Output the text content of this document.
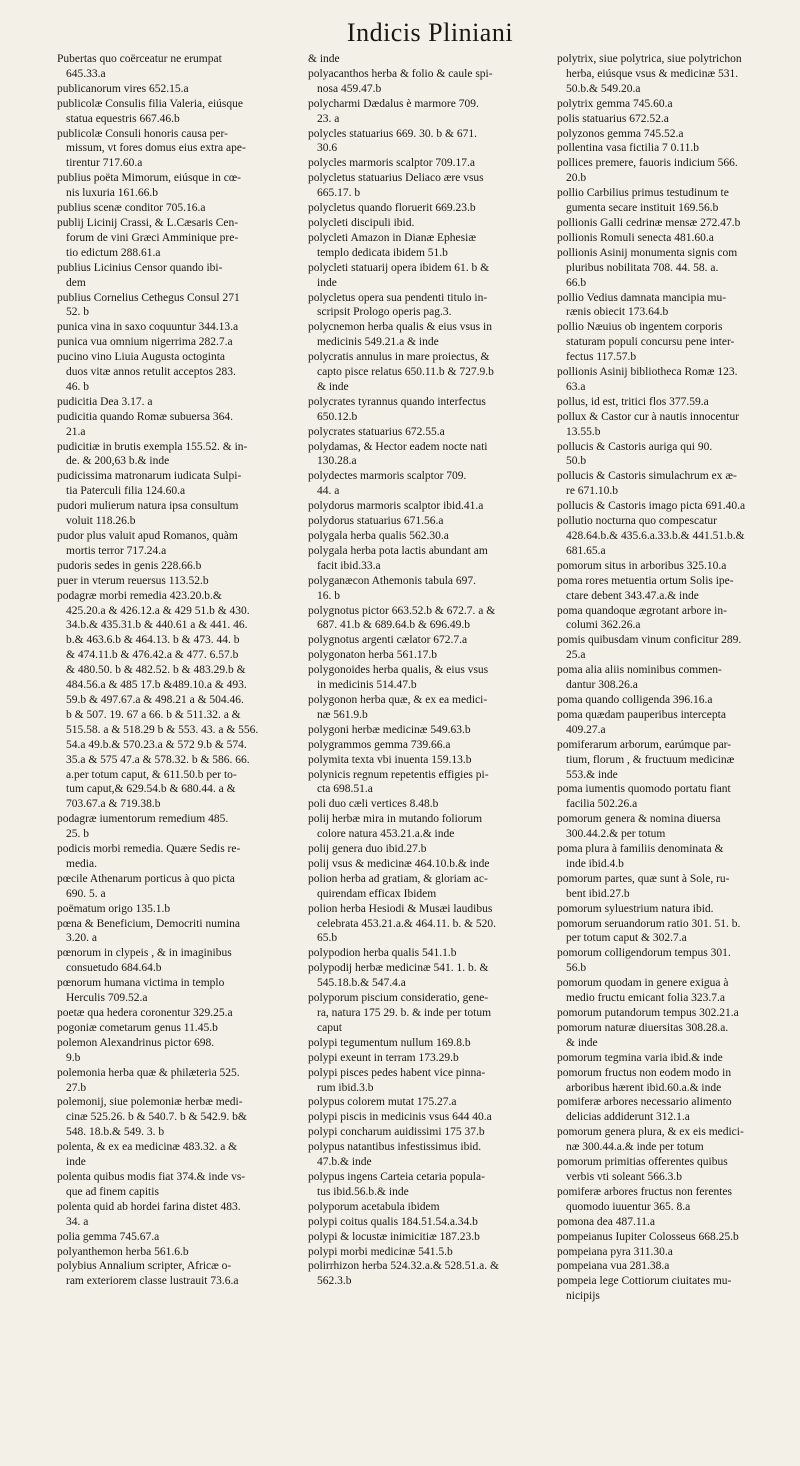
Indicis Pliniani
Pubertas quo coërceatur ne erumpat
645.33.a
publicanorum vires 652.15.a
publicolæ Consulis filia Valeria, eiúsque
statua equestris 667.46.b
publicolæ Consuli honoris causa per-
missum, vt fores domus eius extra ape-
tirentur 717.60.a
publius poëta Mimorum, eiúsque in cœ-
nis luxuria 161.66.b
publius scenæ conditor 705.16.a
publij Licinij Crassi, & L.Cæsaris Cen-
forum de vini Græci Amminique pre-
tio edictum 288.61.a
publius Licinius Censor quando ibi-
dem
publius Cornelius Cethegus Consul 271
52. b
punica vina in saxo coquuntur 344.13.a
punica vua omnium nigerrima 282.7.a
pucino vino Liuia Augusta octoginta
duos vitæ annos retulit acceptos 283.
46. b
pudicitia Dea 3.17. a
pudicitia quando Romæ subuersa 364.
21.a
pudicitiæ in brutis exempla 155.52. & in-
de. & 200,63 b.& inde
pudicissima matronarum iudicata Sulpi-
tia Paterculi filia 124.60.a
pudori mulierum natura ipsa consultum
voluit 118.26.b
pudor plus valuit apud Romanos, quàm
mortis terror 717.24.a
pudoris sedes in genis 228.66.b
puer in vterum reuersus 113.52.b
podagræ morbi remedia 423.20.b.&
425.20.a & 426.12.a & 429 51.b & 430.
34.b.& 435.31.b & 440.61 a & 441. 46.
b.& 463.6.b & 464.13. b & 473. 44. b
& 474.11.b & 476.42.a & 477. 6.57.b
& 480.50. b & 482.52. b & 483.29.b &
484.56.a & 485 17.b &489.10.a & 493.
59.b & 497.67.a & 498.21 a & 504.46.
b & 507. 19. 67 a 66. b & 511.32. a &
515.58. a & 518.29 b & 553. 43. a & 556.
54.a 49.b.& 570.23.a & 572 9.b & 574.
35.a & 575 47.a & 578.32. b & 586. 66.
a.per totum caput, & 611.50.b per to-
tum caput,& 629.54.b & 680.44. a &
703.67.a & 719.38.b
podagræ iumentorum remedium 485.
25. b
podicis morbi remedia. Quære Sedis re-
media.
pœcile Athenarum porticus à quo picta
690. 5. a
poëmatum origo 135.1.b
pœna & Beneficium, Democriti numina
3.20. a
pœnorum in clypeis , & in imaginibus
consuetudo 684.64.b
pœnorum humana victima in templo
Herculis 709.52.a
poetæ qua hedera coronentur 329.25.a
pogoniæ cometarum genus 11.45.b
polemon Alexandrinus pictor 698.
9.b
polemonia herba quæ & philæteria 525.
27.b
polemonij, siue polemoniæ herbæ medi-
cinæ 525.26. b & 540.7. b & 542.9. b&
548. 18.b.& 549. 3. b
polenta, & ex ea medicinæ 483.32. a &
inde
polenta quibus modis fiat 374.& inde vs-
que ad finem capitis
polenta quid ab hordei farina distet 483.
34. a
polia gemma 745.67.a
polyanthemon herba 561.6.b
polybius Annalium scripter, Africæ o-
ram exteriorem classe lustrauit 73.6.a
& inde
polyacanthos herba & folio & caule spi-
nosa 459.47.b
polycharmi Dædalus è marmore 709.
23. a
polycles statuarius 669. 30. b & 671.
30.6
polycles marmoris scalptor 709.17.a
polycletus statuarius Deliaco ære vsus
665.17. b
polycletus quando floruerit 669.23.b
polycleti discipuli ibid.
polycleti Amazon in Dianæ Ephesiæ
templo dedicata ibidem 51.b
polycleti statuarij opera ibidem 61. b &
inde
polycletus opera sua pendenti titulo in-
scripsit Prologo operis pag.3.
polycnemon herba qualis & eius vsus in
medicinis 549.21.a & inde
polycratis annulus in mare proiectus, &
capto pisce relatus 650.11.b & 727.9.b
& inde
polycrates tyrannus quando interfectus
650.12.b
polycrates statuarius 672.55.a
polydamas, & Hector eadem nocte nati
130.28.a
polydectes marmoris scalptor 709.
44. a
polydorus marmoris scalptor ibid.41.a
polydorus statuarius 671.56.a
polygala herba qualis 562.30.a
polygala herba pota lactis abundant am
facit ibid.33.a
polyganæcon Athemonis tabula 697.
16. b
polygnotus pictor 663.52.b & 672.7. a &
687. 41.b & 689.64.b & 696.49.b
polygnotus argenti cælator 672.7.a
polygonaton herba 561.17.b
polygonoides herba qualis, & eius vsus
in medicinis 514.47.b
polygonon herba quæ, & ex ea medici-
næ 561.9.b
polygoni herbæ medicinæ 549.63.b
polygrammos gemma 739.66.a
polymita texta vbi inuenta 159.13.b
polynicis regnum repetentis effigies pi-
cta 698.51.a
poli duo cæli vertices 8.48.b
polij herbæ mira in mutando foliorum
colore natura 453.21.a.& inde
polij genera duo ibid.27.b
polij vsus & medicinæ 464.10.b.& inde
polion herba ad gratiam, & gloriam ac-
quirendam efficax Ibidem
polion herba Hesiodi & Musæi laudibus
celebrata 453.21.a.& 464.11. b. & 520.
65.b
polypodion herba qualis 541.1.b
polypodij herbæ medicinæ 541. 1. b. &
545.18.b.& 547.4.a
polyporum piscium consideratio, gene-
ra, natura 175 29. b. & inde per totum
caput
polypi tegumentum nullum 169.8.b
polypi exeunt in terram 173.29.b
polypi pisces pedes habent vice pinna-
rum ibid.3.b
polypus colorem mutat 175.27.a
polypi piscis in medicinis vsus 644 40.a
polypi concharum auidissimi 175 37.b
polypus natantibus infestissimus ibid.
47.b.& inde
polypus ingens Carteia cetaria popula-
tus ibid.56.b.& inde
polyporum acetabula ibidem
polypi coitus qualis 184.51.54.a.34.b
polypi & locustæ inimicitiæ 187.23.b
polypi morbi medicinæ 541.5.b
polirrhizon herba 524.32.a.& 528.51.a. &
562.3.b
polytrix, siue polytrica, siue polytrichon
herba, eiúsque vsus & medicinæ 531.
50.b.& 549.20.a
polytrix gemma 745.60.a
polis statuarius 672.52.a
polyzonos gemma 745.52.a
pollentina vasa fictilia 7 0.11.b
pollices premere, fauoris indicium 566.
20.b
pollio Carbilius primus testudinum te
gumenta secare instituit 169.56.b
pollionis Galli cedrinæ mensæ 272.47.b
pollionis Romuli senecta 481.60.a
pollionis Asinij monumenta signis com
pluribus nobilitata 708. 44. 58. a.
66.b
pollio Vedius damnata mancipia mu-
rænis obiecit 173.64.b
pollio Næuius ob ingentem corporis
staturam populi concursu pene inter-
fectus 117.57.b
pollionis Asinij bibliotheca Romæ 123.
63.a
pollus, id est, tritici flos 377.59.a
pollux & Castor cur à nautis innocentur
13.55.b
pollucis & Castoris auriga qui 90.
50.b
pollucis & Castoris simulachrum ex æ-
re 671.10.b
pollucis & Castoris imago picta 691.40.a
pollutio nocturna quo compescatur
428.64.b.& 435.6.a.33.b.& 441.51.b.&
681.65.a
pomorum situs in arboribus 325.10.a
poma rores metuentia ortum Solis ipe-
ctare debent 343.47.a.& inde
poma quandoque ægrotant arbore in-
columi 362.26.a
pomis quibusdam vinum conficitur 289.
25.a
poma alia aliis nominibus commen-
dantur 308.26.a
poma quando colligenda 396.16.a
poma quædam pauperibus intercepta
409.27.a
pomiferarum arborum, earúmque par-
tium, florum , & fructuum medicinæ
553.& inde
poma iumentis quomodo portatu fiant
facilia 502.26.a
pomorum genera & nomina diuersa
300.44.2.& per totum
poma plura à familiis denominata &
inde ibid.4.b
pomorum partes, quæ sunt à Sole, ru-
bent ibid.27.b
pomorum syluestrium natura ibid.
pomorum seruandorum ratio 301. 51. b.
per totum caput & 302.7.a
pomorum colligendorum tempus 301.
56.b
pomorum quodam in genere exigua à
medio fructu emicant folia 323.7.a
pomorum putandorum tempus 302.21.a
pomorum naturæ diuersitas 308.28.a.
& inde
pomorum tegmina varia ibid.& inde
pomorum fructus non eodem modo in
arboribus hærent ibid.60.a.& inde
pomiferæ arbores necessario alimento
delicias addiderunt 312.1.a
pomorum genera plura, & ex eis medici-
næ 300.44.a.& inde per totum
pomorum primitias offerentes quibus
verbis vti soleant 566.3.b
pomiferæ arbores fructus non ferentes
quomodo iuuentur 365. 8.a
pomona dea 487.11.a
pompeianus Iupiter Colosseus 668.25.b
pompeiana pyra 311.30.a
pompeiana vua 281.38.a
pompeia lege Cottiorum ciuitates mu-
nicipijs
